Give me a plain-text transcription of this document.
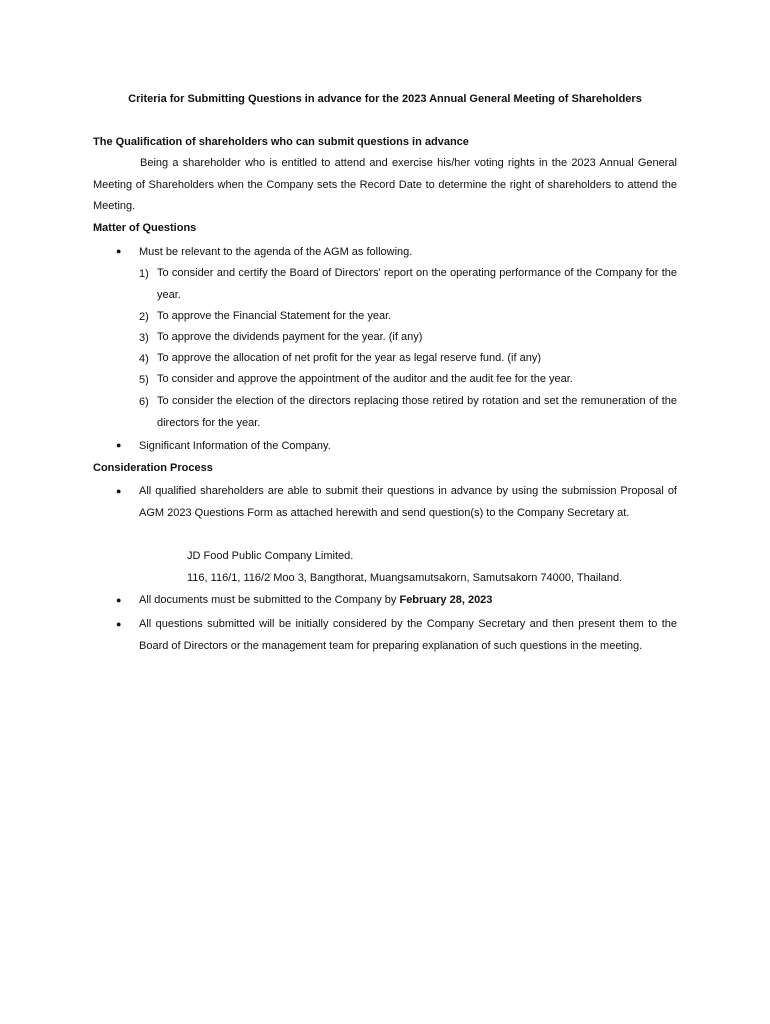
Criteria for Submitting Questions in advance for the 2023 Annual General Meeting of Shareholders
The Qualification of shareholders who can submit questions in advance
Being a shareholder who is entitled to attend and exercise his/her voting rights in the 2023 Annual General Meeting of Shareholders when the Company sets the Record Date to determine the right of shareholders to attend the Meeting.
Matter of Questions
● Must be relevant to the agenda of the AGM as following.
1) To consider and certify the Board of Directors' report on the operating performance of the Company for the year.
2) To approve the Financial Statement for the year.
3) To approve the dividends payment for the year. (if any)
4) To approve the allocation of net profit for the year as legal reserve fund. (if any)
5) To consider and approve the appointment of the auditor and the audit fee for the year.
6) To consider the election of the directors replacing those retired by rotation and set the remuneration of the directors for the year.
● Significant Information of the Company.
Consideration Process
● All qualified shareholders are able to submit their questions in advance by using the submission Proposal of AGM 2023 Questions Form as attached herewith and send question(s) to the Company Secretary at.
JD Food Public Company Limited.
116, 116/1, 116/2 Moo 3, Bangthorat, Muangsamutsakorn, Samutsakorn 74000, Thailand.
● All documents must be submitted to the Company by February 28, 2023
● All questions submitted will be initially considered by the Company Secretary and then present them to the Board of Directors or the management team for preparing explanation of such questions in the meeting.
